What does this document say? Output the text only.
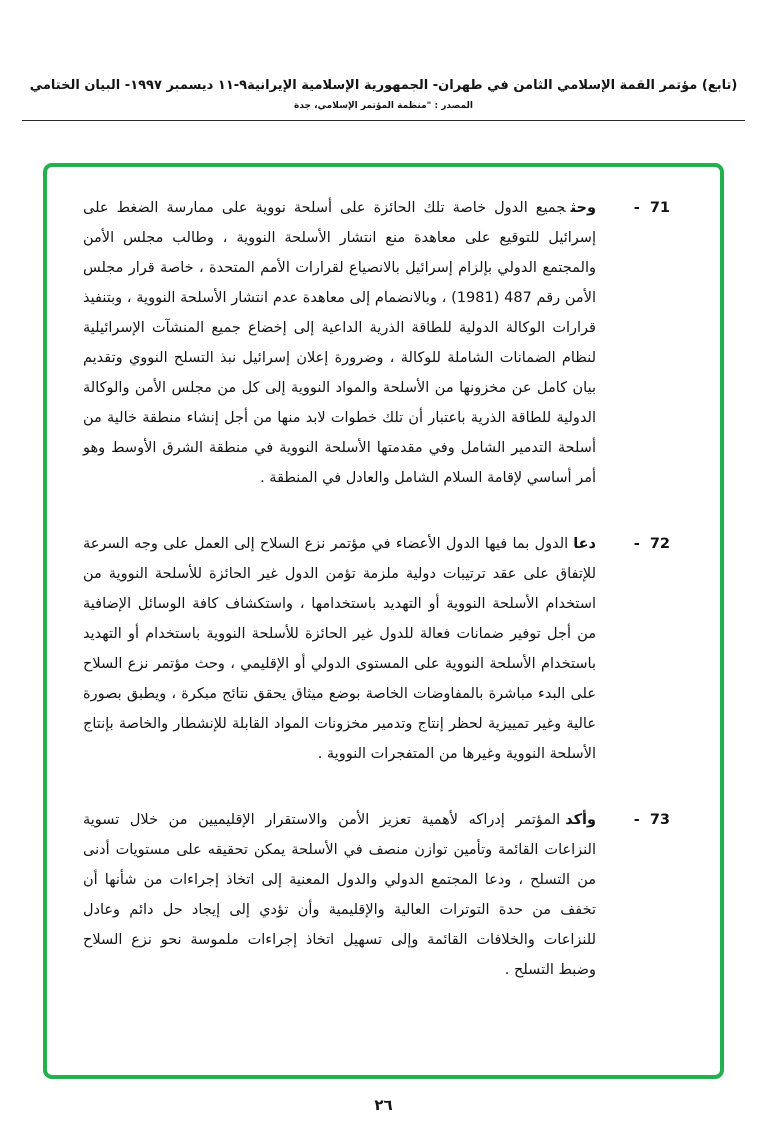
(تابع) مؤتمر القمة الإسلامي الثامن في طهران- الجمهورية الإسلامية الإيرانية٩-١١ ديسمبر ١٩٩٧- البيان الختامي
المصدر : "منظمة المؤتمر الإسلامي، جدة
71
-
وحثجميع الدول خاصة تلك الحائزة على أسلحة نووية على ممارسة الضغط على إسرائيل للتوقيع على معاهدة منع انتشار الأسلحة النووية ، وطالب مجلس الأمن والمجتمع الدولي بإلزام إسرائيل بالانصياع لقرارات الأمم المتحدة ، خاصة قرار مجلس الأمن رقم 487 (1981) ، وبالانضمام إلى معاهدة عدم انتشار الأسلحة النووية ، وبتنفيذ قرارات الوكالة الدولية للطاقة الذرية الداعية إلى إخضاع جميع المنشآت الإسرائيلية لنظام الضمانات الشاملة للوكالة ، وضرورة إعلان إسرائيل نبذ التسلح النووي وتقديم بيان كامل عن مخزونها من الأسلحة والمواد النووية إلى كل من مجلس الأمن والوكالة الدولية للطاقة الذرية باعتبار أن تلك خطوات لابد منها من أجل إنشاء منطقة خالية من أسلحة التدمير الشامل وفي مقدمتها الأسلحة النووية في منطقة الشرق الأوسط وهو أمر أساسي لإقامة السلام الشامل والعادل في المنطقة .
72
-
دعاالدول بما فيها الدول الأعضاء في مؤتمر نزع السلاح إلى العمل على وجه السرعة للإتفاق على عقد ترتيبات دولية ملزمة تؤمن الدول غير الحائزة للأسلحة النووية من استخدام الأسلحة النووية أو التهديد باستخدامها ، واستكشاف كافة الوسائل الإضافية من أجل توفير ضمانات فعالة للدول غير الحائزة للأسلحة النووية باستخدام أو التهديد باستخدام الأسلحة النووية على المستوى الدولي أو الإقليمي ، وحث مؤتمر نزع السلاح على البدء مباشرة بالمفاوضات الخاصة بوضع ميثاق يحقق نتائج مبكرة ، ويطبق بصورة عالية وغير تمييزية لحظر إنتاج وتدمير مخزونات المواد القابلة للإنشطار والخاصة بإنتاج الأسلحة النووية وغيرها من المتفجرات النووية .
73
-
وأكدالمؤتمر إدراكه لأهمية تعزيز الأمن والاستقرار الإقليميين من خلال تسوية النزاعات القائمة وتأمين توازن منصف في الأسلحة يمكن تحقيقه على مستويات أدنى من التسلح ، ودعا المجتمع الدولي والدول المعنية إلى اتخاذ إجراءات من شأنها أن تخفف من حدة التوترات العالية والإقليمية وأن تؤدي إلى إيجاد حل دائم وعادل للنزاعات والخلافات القائمة وإلى تسهيل اتخاذ إجراءات ملموسة نحو نزع السلاح وضبط التسلح .
٢٦
